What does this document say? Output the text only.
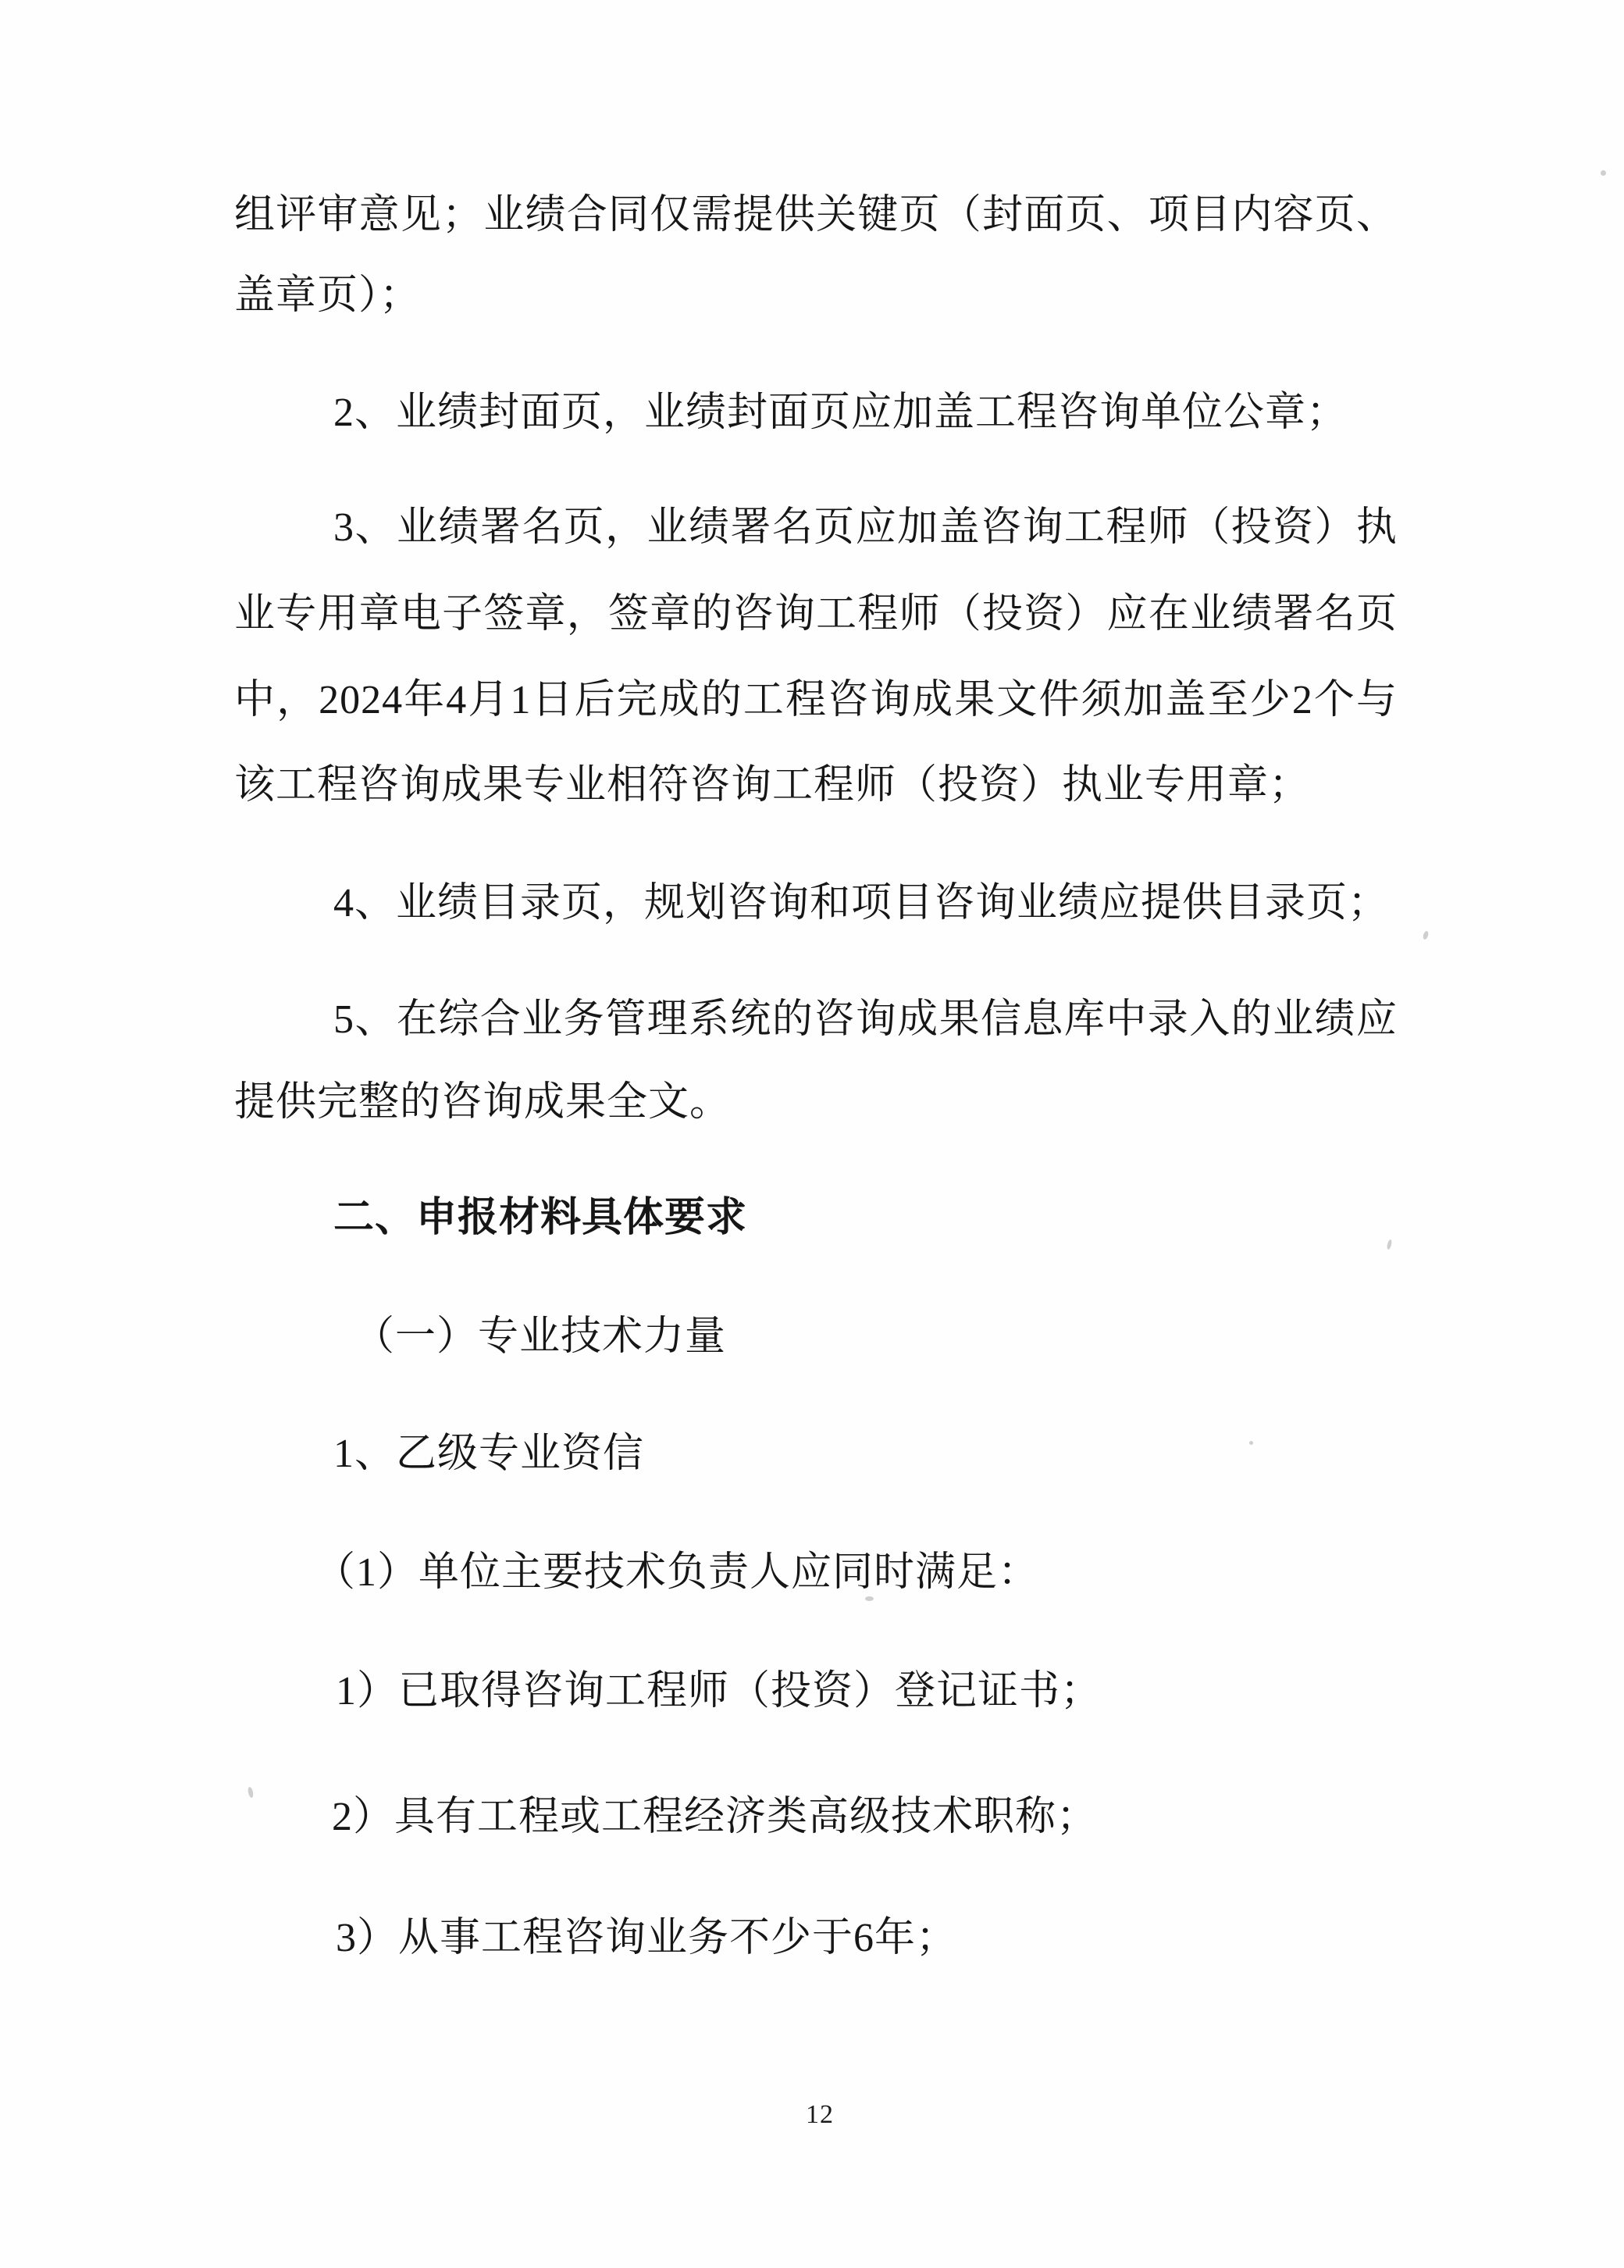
组评审意见；业绩合同仅需提供关键页（封面页、项目内容页、
盖章页）；
2、业绩封面页，业绩封面页应加盖工程咨询单位公章；
3、业绩署名页，业绩署名页应加盖咨询工程师（投资）执
业专用章电子签章，签章的咨询工程师（投资）应在业绩署名页
中，2024年4月1日后完成的工程咨询成果文件须加盖至少2个与
该工程咨询成果专业相符咨询工程师（投资）执业专用章；
4、业绩目录页，规划咨询和项目咨询业绩应提供目录页；
5、在综合业务管理系统的咨询成果信息库中录入的业绩应
提供完整的咨询成果全文。
二、申报材料具体要求
（一）专业技术力量
1、乙级专业资信
（1）单位主要技术负责人应同时满足：
1）已取得咨询工程师（投资）登记证书；
2）具有工程或工程经济类高级技术职称；
3）从事工程咨询业务不少于6年；
12
